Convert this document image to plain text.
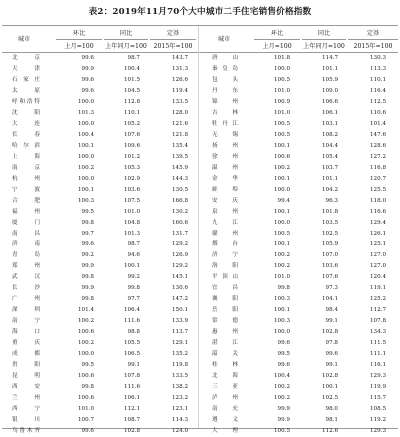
表2：2019年11月70个大中城市二手住宅销售价格指数
城市
环比	同比	定基
城市
环比	同比	定基
上月=100	上年同月=100	2015年=100	上月=100	上年同月=100	2015年=100
北京	99.6	98.7	143.7	唐山	101.8	114.7	130.3
天津	99.9	100.4	131.3	秦皇岛	100.0	101.1	113.3
石家庄	99.6	101.5	126.6	包头	100.5	105.9	110.1
太原	99.6	104.5	119.4	丹东	101.0	109.0	116.4
呼和浩特	100.0	112.8	133.5	锦州	100.9	106.6	112.5
沈阳	101.3	110.1	128.0	吉林	101.0	106.1	110.6
大连	100.0	105.2	121.6	牡丹江	100.5	103.1	101.4
长春	100.4	107.6	121.8	无锡	100.5	108.2	147.6
哈尔滨	100.1	109.6	135.4	扬州	100.1	104.4	128.6
上海	100.0	101.2	139.5	徐州	100.6	105.4	127.2
南京	100.2	105.3	145.9	温州	100.2	103.7	116.8
杭州	100.0	102.9	144.3	金华	100.1	101.1	120.7
宁波	100.1	103.6	130.5	蚌埠	100.0	104.2	125.5
合肥	100.3	107.5	166.8	安庆	99.4	96.3	118.0
福州	99.5	101.0	130.2	泉州	100.1	101.8	116.6
厦门	99.8	104.8	160.6	九江	100.0	103.5	129.4
南昌	99.7	101.3	131.7	赣州	100.5	102.5	126.1
济南	99.6	98.7	129.2	烟台	100.1	105.9	125.1
青岛	99.2	94.6	126.9	济宁	100.2	107.0	127.0
郑州	99.9	100.1	129.2	洛阳	100.2	103.6	127.0
武汉	99.8	99.2	145.1	平顶山	101.0	107.6	120.4
长沙	99.9	99.8	130.6	宜昌	99.8	97.3	119.1
广州	99.8	97.7	147.2	襄阳	100.3	104.1	125.2
深圳	101.4	106.4	150.1	岳阳	100.1	98.4	112.7
南宁	100.2	111.6	133.9	常德	100.3	99.1	107.8
海口	100.6	98.8	113.7	惠州	100.0	102.8	134.3
重庆	100.2	105.5	129.1	湛江	99.6	97.8	111.5
成都	100.0	106.5	135.2	韶关	99.5	99.6	111.1
贵阳	99.5	99.1	119.8	桂林	99.6	99.1	116.1
昆明	100.6	107.8	133.5	北海	100.4	102.8	129.3
西安	99.8	111.6	138.2	三亚	100.2	100.1	119.9
兰州	100.6	106.1	123.2	泸州	100.2	102.5	115.7
西宁	101.0	112.1	123.1	南充	99.9	98.0	108.5
银川	100.7	108.7	114.3	遵义	99.9	98.1	119.2
乌鲁木齐	99.6	102.8	124.0	大理	100.5	112.6	129.3
